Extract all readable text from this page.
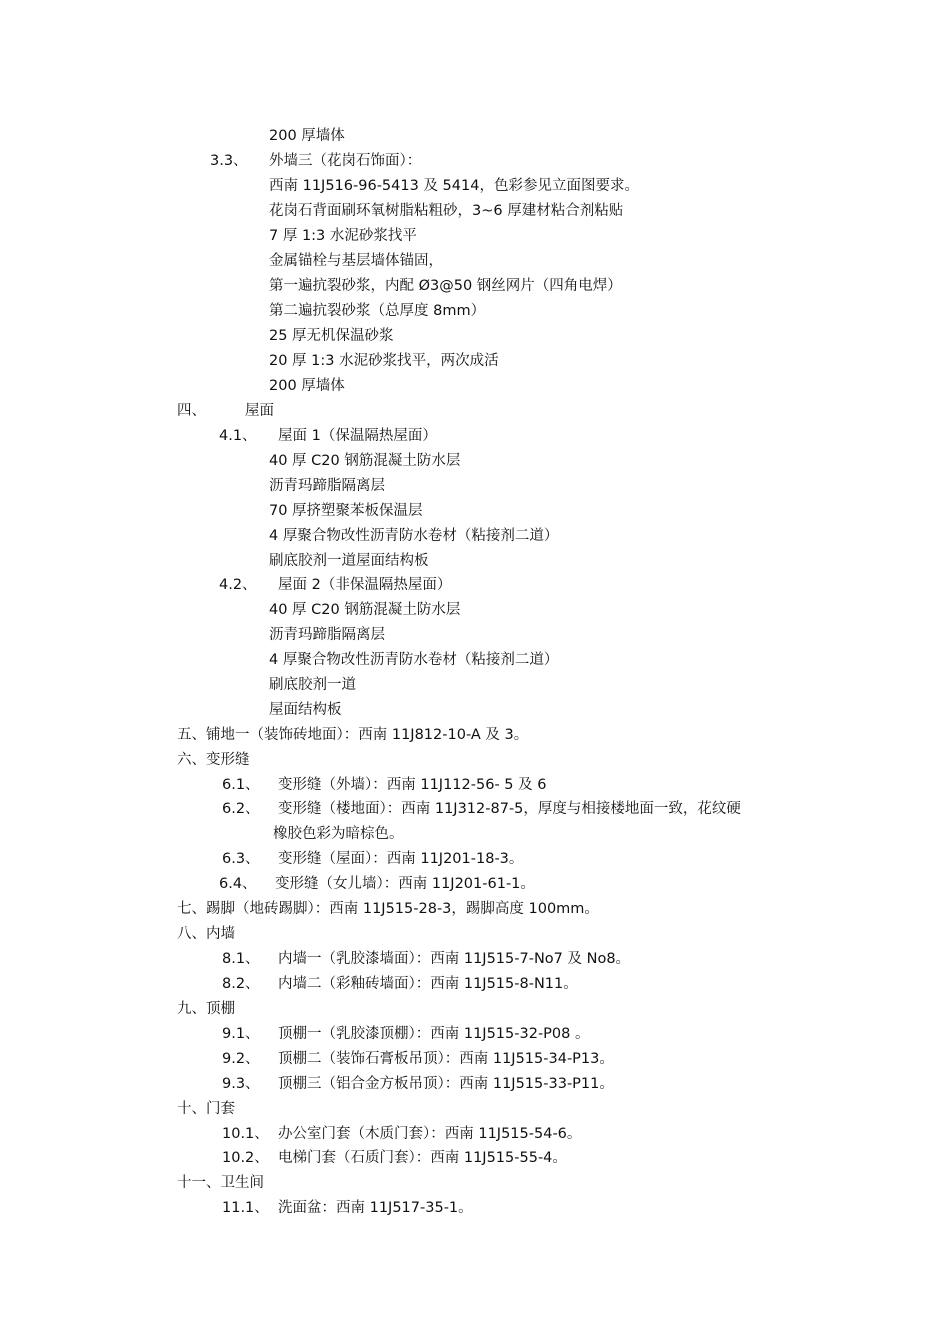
200 厚墙体
3.3、 外墙三（花岗石饰面）：
西南 11J516-96-5413 及 5414，色彩参见立面图要求。
花岗石背面刷环氧树脂粘粗砂，3~6 厚建材粘合剂粘贴
7 厚 1:3 水泥砂浆找平
金属锚栓与基层墙体锚固，
第一遍抗裂砂浆，内配 Ø3@50 钢丝网片（四角电焊）
第二遍抗裂砂浆（总厚度 8mm）
25 厚无机保温砂浆
20 厚 1:3 水泥砂浆找平，两次成活
200 厚墙体
四、	屋面
4.1、 屋面 1（保温隔热屋面）
40 厚 C20 钢筋混凝土防水层
沥青玛蹄脂隔离层
70 厚挤塑聚苯板保温层
4 厚聚合物改性沥青防水卷材（粘接剂二道）
刷底胶剂一道屋面结构板
4.2、 屋面 2（非保温隔热屋面）
40 厚 C20 钢筋混凝土防水层
沥青玛蹄脂隔离层
4 厚聚合物改性沥青防水卷材（粘接剂二道）
刷底胶剂一道
屋面结构板
五、铺地一（装饰砖地面）：西南 11J812-10-A 及 3。
六、变形缝
6.1、 变形缝（外墙）：西南 11J112-56- 5 及 6
6.2、 变形缝（楼地面）：西南 11J312-87-5，厚度与相接楼地面一致，花纹硬
橡胶色彩为暗棕色。
6.3、 变形缝（屋面）：西南 11J201-18-3。
6.4、 变形缝（女儿墙）：西南 11J201-61-1。
七、踢脚（地砖踢脚）：西南 11J515-28-3，踢脚高度 100mm。
八、内墙
8.1、 内墙一（乳胶漆墙面）：西南 11J515-7-No7 及 No8。
8.2、 内墙二（彩釉砖墙面）：西南 11J515-8-N11。
九、顶棚
9.1、 顶棚一（乳胶漆顶棚）：西南 11J515-32-P08 。
9.2、 顶棚二（装饰石膏板吊顶）：西南 11J515-34-P13。
9.3、 顶棚三（铝合金方板吊顶）：西南 11J515-33-P11。
十、门套
10.1、 办公室门套（木质门套）：西南 11J515-54-6。
10.2、 电梯门套（石质门套）：西南 11J515-55-4。
十一、卫生间
11.1、 洗面盆：西南 11J517-35-1。
